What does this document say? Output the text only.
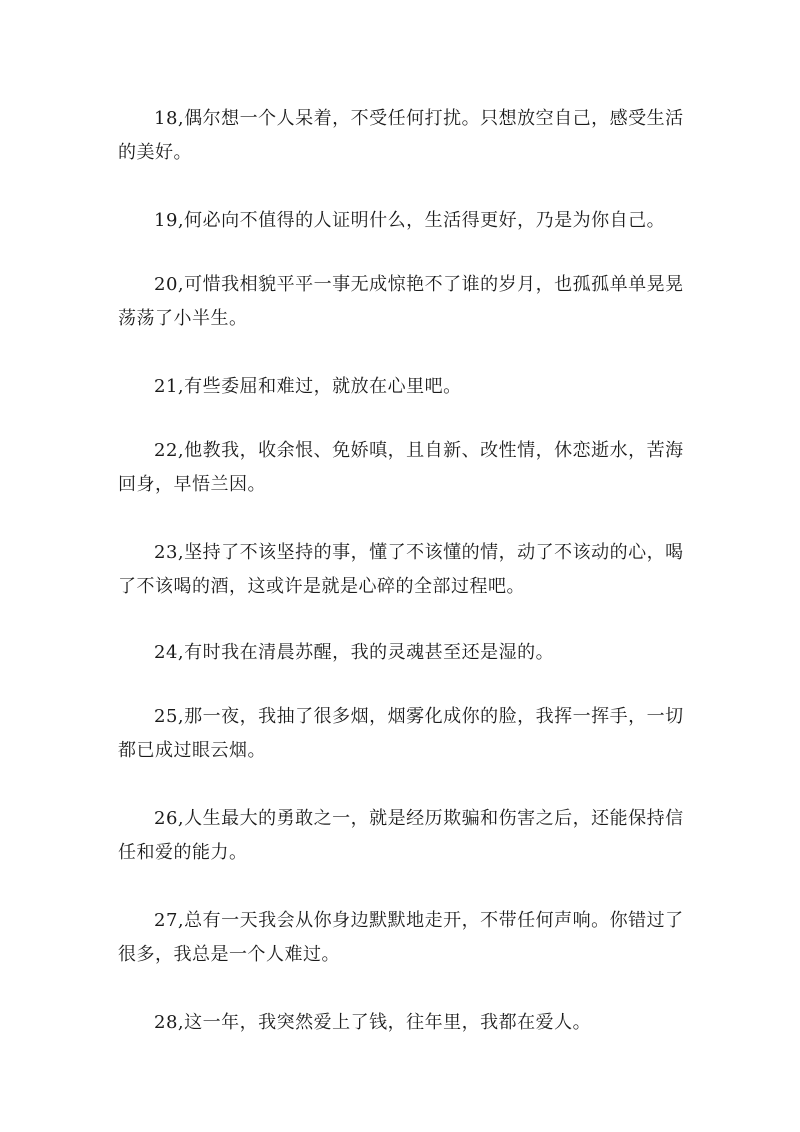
18,偶尔想一个人呆着，不受任何打扰。只想放空自己，感受生活的美好。

19,何必向不值得的人证明什么，生活得更好，乃是为你自己。

20,可惜我相貌平平一事无成惊艳不了谁的岁月，也孤孤单单晃晃荡荡了小半生。

21,有些委屈和难过，就放在心里吧。

22,他教我，收余恨、免娇嗔，且自新、改性情，休恋逝水，苦海回身，早悟兰因。

23,坚持了不该坚持的事，懂了不该懂的情，动了不该动的心，喝了不该喝的酒，这或许是就是心碎的全部过程吧。

24,有时我在清晨苏醒，我的灵魂甚至还是湿的。

25,那一夜，我抽了很多烟，烟雾化成你的脸，我挥一挥手，一切都已成过眼云烟。

26,人生最大的勇敢之一，就是经历欺骗和伤害之后，还能保持信任和爱的能力。

27,总有一天我会从你身边默默地走开，不带任何声响。你错过了很多，我总是一个人难过。

28,这一年，我突然爱上了钱，往年里，我都在爱人。
